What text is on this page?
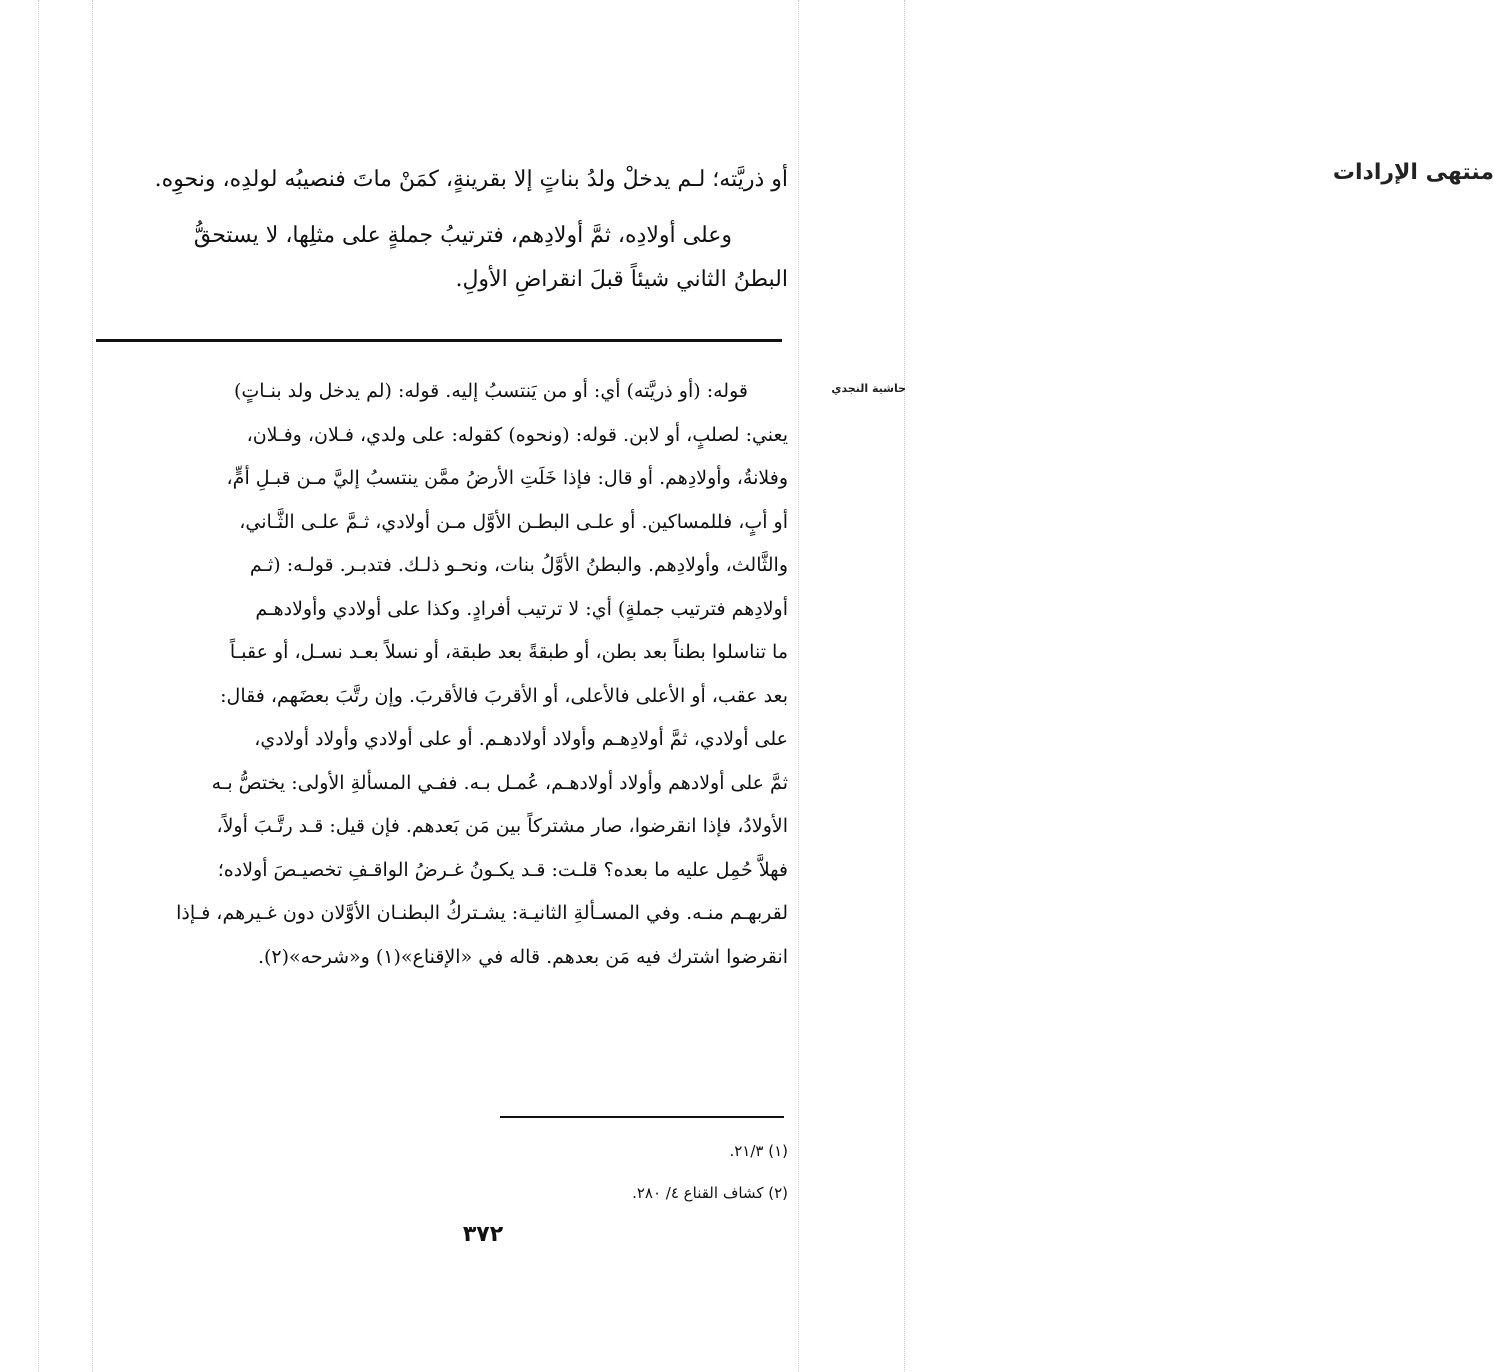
منتهى الإرادات
أو ذريَّته؛ لـم يدخلْ ولدُ بناتٍ إلا بقرينةٍ، كمَنْ ماتَ فنصيبُه لولدِه، ونحوِه.
وعلى أولادِه، ثمَّ أولادِهم، فترتيبُ جملةٍ على مثلِها، لا يستحقُّ
البطنُ الثاني شيئاً قبلَ انقراضِ الأولِ.
حاشية النجدي
قوله: (أو ذريَّته) أي: أو من يَنتسبُ إليه. قوله: (لم يدخل ولد بنـاتٍ)
يعني: لصلبٍ، أو لابن. قوله: (ونحوه) كقوله: على ولدي، فـلان، وفـلان،
وفلانةُ، وأولادِهم. أو قال: فإذا خَلَتِ الأرضُ ممَّن ينتسبُ إليَّ مـن قبـلِ أمٍّ،
أو أبٍ، فللمساكين. أو علـى البطـن الأوَّل مـن أولادي، ثـمَّ علـى الثَّـاني،
والثَّالث، وأولادِهم. والبطنُ الأوَّلُ بنات، ونحـو ذلـك. فتدبـر. قولـه: (ثـم
أولادِهم فترتيب جملةٍ) أي: لا ترتيب أفرادٍ. وكذا على أولادي وأولادهـم
ما تناسلوا بطناً بعد بطن، أو طبقةً بعد طبقة، أو نسلاً بعـد نسـل، أو عقبـاً
بعد عقب، أو الأعلى فالأعلى، أو الأقربَ فالأقربَ. وإن رتَّبَ بعضَهم، فقال:
على أولادي، ثمَّ أولادِهـم وأولاد أولادهـم. أو على أولادي وأولاد أولادي،
ثمَّ على أولادهم وأولاد أولادهـم، عُمـل بـه. ففـي المسألةِ الأولى: يختصُّ بـه
الأولادُ، فإذا انقرضوا، صار مشتركاً بين مَن بَعدهم. فإن قيل: قـد رتَّـبَ أولاً،
فهلاَّ حُمِل عليه ما بعده؟ قلـت: قـد يكـونُ غـرضُ الواقـفِ تخصيـصَ أولاده؛
لقربهـم منـه. وفي المسـألةِ الثانيـة: يشـتركُ البطنـان الأوَّلان دون غـيرهم، فـإذا
انقرضوا اشترك فيه مَن بعدهم. قاله في «الإقناع»(١) و«شرحه»(٢).
(١) ٢١/٣.
(٢) كشاف القناع ٤/ ٢٨٠.
٣٧٢
